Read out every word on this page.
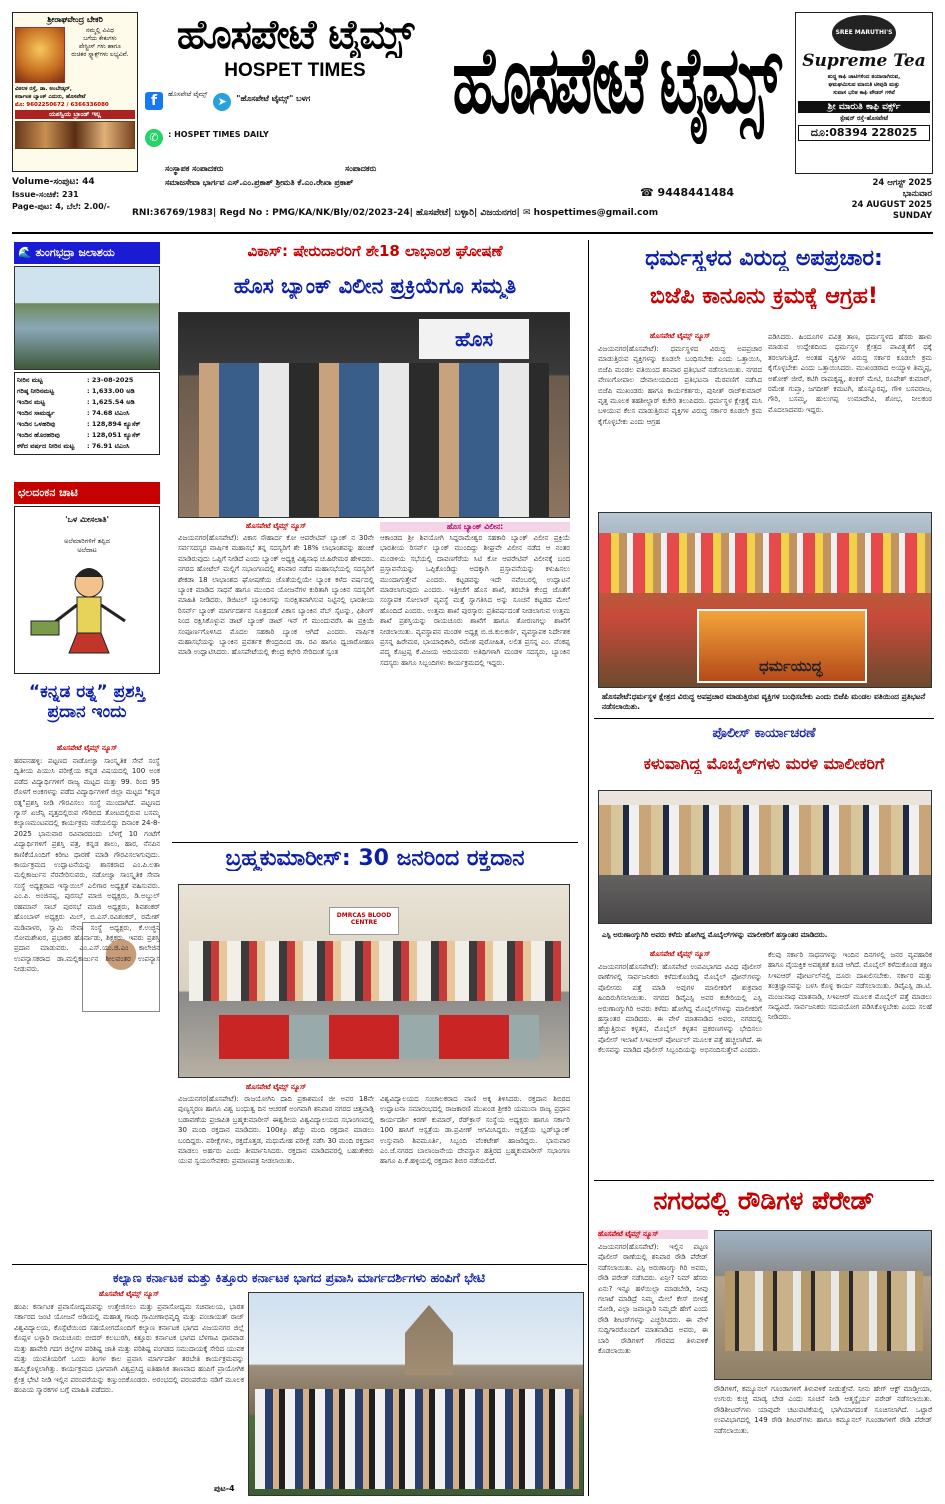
ಶ್ರೀರಾಘವೇಂದ್ರ ಬೇಕರಿ
ನಮ್ಮಲ್ಲಿ ವಿವಿಧ
ಬಗೆಯ ಕೇಕುಗಳು
ಪೇಸ್ಟ್ರೀಸ್ ಗಳು ಹಾಗೂ
ರುಚಿಕರ ಸ್ನ್ಯಾಕ್ಸ್‌ಗಳು ಲಭ್ಯವಿವೆ.
ವಿಠಲಕ ರಸ್ತೆ, ಡಾ. ಅಂಬೇಡ್ಕರ್,
ಕರ್ನಾಟಕ ಬ್ಯಾಂಕ್ ಎದುರು, ಹೊಸಪೇಟೆ
ಮೊ: 9602250672 / 6366336080
ಯಶಸ್ವಿಯ ಬ್ರಾಂಡ್ ಇಲ್ಲ
ಹೊಸಪೇಟೆ ಟೈಮ್ಸ್
HOSPET TIMES
f ಹೊಸಪೇಟೆ ಟೈಮ್ಸ್ ➤ $^{"ಹೊಸಪೇಟೆ ಟೈಮ್ಸ್" ಬಳಗ}$
✆ $^{: HOSPET TIMES DAILY}$
ಹೊಸಪೇಟೆ ಟೈಮ್ಸ್	SREE MARUTHI'S
Supreme Tea
ಶುದ್ಧ ಕಾಫಿ ಜಾಟಿಗಳಿಂದ ತಯಾರಾಗಿರುವ,
ಘಮಘಮಿಸುವ ಮಾರುತಿ ಟೀಪುಡಿ ಮತ್ತು
ಸುವಾಸ ಭರಿತ ಕಾಫಿ ಪೌಡರ್ ಗಳಿವೆ
ಶ್ರೀ ಮಾರುತಿ ಕಾಫಿ ವರ್ಕ್ಸ್
ಸ್ಟೇಷನ್ ರಸ್ತೆ-ಹೊಸಪೇಟೆ
ದೂ:08394 228025
ಸಂಸ್ಥಾಪಕ ಸಂಪಾದಕರು	ಸಂಪಾದಕರು
ಸಮಾಜಸೇವಾ ಭಾರ್ಗವ ಎಸ್.ಎಂ.ಪ್ರಕಾಶ್ ಶ್ರೀಮತಿ ಕೆ.ಎಂ.ರೇಖಾ ಪ್ರಕಾಶ್
Volume-ಸಂಪುಟ: 44
Issue-ಸಂಚಿಕೆ: 231
Page-ಪುಟ: 4, ಬೆಲೆ: 2.00/-
☎ 9448441484
24 ಆಗಸ್ಟ್ 2025
ಭಾನುವಾರ
24 AUGUST 2025
SUNDAY
RNI:36769/1983| Regd No : PMG/KA/NK/Bly/02/2023-24| ಹೊಸಪೇಟೆ| ಬಳ್ಳಾರಿ| ವಿಜಯನಗರ| ✉ hospettimes@gmail.com
🌊 ತುಂಗಭದ್ರಾ ಜಲಾಶಯ
ನೀರಿನ ಮಟ್ಟ	: 23-08-2025
ಗರಿಷ್ಠ ನೀರಿನಮಟ್ಟ	: 1,633.00 ಅಡಿ
ಇಂದಿನ ಮಟ್ಟ	: 1,625.54 ಅಡಿ
ಇಂದಿನ ಸಾಮರ್ಥ್ಯ	: 74.68 ಟಿಎಂಸಿ
ಇಂದಿನ ಒಳಹರಿವು	: 128,894 ಕ್ಯೂಸೆಕ್
ಇಂದಿನ ಹೊರಹರಿವು	: 128,051 ಕ್ಯೂಸೆಕ್
ಕಳೆದ ವರ್ಷದ ನೀರಿನ ಮಟ್ಟ	: 76.91 ಟಿಎಂಸಿ
ಛಲದಂಕನ ಚಾಟಿ
'ಒಳ ಮೀಸಲಾತಿ'
ಅಲೆಮಾರಿಗಳಿಗೆ ತಪ್ಪಿದ
ಅಲೆದಾಟ
“ಕನ್ನಡ ರತ್ನ” ಪ್ರಶಸ್ತಿ
ಪ್ರದಾನ ಇಂದು
ಹೊಸಪೇಟೆ ಟೈಮ್ಸ್ ನ್ಯೂಸ್
ಹರಪನಹಳ್ಳಿ: ಪಟ್ಟಣದ ನಾಡೋಜ್ವಾ ಸಾಂಸ್ಕೃತಿಕ ಸೇವೆ ಸಂಸ್ಥೆ ದ್ವಿತೀಯ ಪಿಯುಸಿ ಪರೀಕ್ಷೆಯ ಕನ್ನಡ ವಿಷಯದಲ್ಲಿ 100 ಅಂಕ ಪಡೆದ ವಿದ್ಯಾರ್ಥಿಗಳಿಗೆ ರಾಜ್ಯ ಮಟ್ಟದ ಮತ್ತು 99. ರಿಂದ 95 ರೊಳಗೆ ಅಂಕಗಳನ್ನು ಪಡೆದ ವಿದ್ಯಾರ್ಥಿಗಳಿಗೆ ಜಿಲ್ಲಾ ಮಟ್ಟದ "ಕನ್ನಡ ರತ್ನ"ಪ್ರಶಸ್ತಿ ನೀಡಿ ಗೌರವಿಸಲು ಸಂಸ್ಥೆ ಮುಂದಾಗಿದೆ. ಪಟ್ಟಣದ ಗ್ಯಾಸ್ ಏಜೆನ್ಸಿ ವೃತ್ತದಲ್ಲಿರುವ ಗೌರಿಬಿದ ತೋಟದಲ್ಲಿರುವ ಬಸಮ್ಮ ಕಲ್ಯಾಣಮಂಟಪದಲ್ಲಿ ಕಾರ್ಯಕ್ರಮ ನಡೆಯಲಿದ್ದು ದಿನಾಂಕ 24-8-2025 ಭಾನುವಾರ ರವಿವಾರದಂದು ಬೆಳಗ್ಗೆ 10 ಗಂಟೆಗೆ ವಿದ್ಯಾರ್ಥಿಗಳಿಗೆ ಪ್ರಶಸ್ತಿ ಪತ್ರ, ಕನ್ನಡ ಶಾಲು, ಹಾರ, ನೆನಪಿನ ಕಾಣಿಕೆಯೊಂದಿಗೆ ಕಿರೀಟ ಧಾರಣೆ ಮಾಡಿ ಗೌರವಿಸಲಾಗುವುದು. ಕಾರ್ಯಕ್ರಮದ ಉದ್ಘಾಟನೆಯನ್ನು ಶಾಸಕರಾದ ಎಂ.ಪಿ.ಲತಾ ಮಲ್ಲಿಕಾರ್ಜುನ ನೆರವೇರಿಸುವರು, ನಡೋಜ್ವಾ ಸಾಂಸ್ಕೃತಿಕ ಸೇವಾ ಸಂಸ್ಥೆ ಅಧ್ಯಕ್ಷರಾದ ಇಸ್ಮಾಯಿಲ್ ಎಲಿಗಾರ ಅಧ್ಯಕ್ಷತೆ ವಹಿಸುವರು. ಎಂ.ಪಿ. ಅಂಜಿನಪ್ಪ, ಪುರಸಭೆ ಮಾಜಿ ಅಧ್ಯಕ್ಷರು, ಡಿ.ಅಬ್ದುಲ್ ರಹಮಾನ್ ಸಾಬ್ ಪುರಸಭೆ ಮಾಜಿ ಅಧ್ಯಕ್ಷರು, ಶಿವಶಂಕರ್ ಹೊಂಬಾಳ್ ಅಧ್ಯಕ್ಷರು ಮಿಲ್, ಬಿ.ಎಸ್.ರವಿಶಂಕರ್, ರಮೇಶ್ ಮಡಿವಾಳರ, ಸ್ವಾಮಿ ಸೇವಾ ಸಂಸ್ಥೆ ಅಧ್ಯಕ್ಷರು, ಕೆ.ಉಜ್ಜಿನಿ ಸೋಮಶೇಖರ, ಪ್ರಭಾಕರ ಹೊರ್ನಾಡು, ಶಿಕ್ಷಕರು. ಇವರು ಪ್ರಶಸ್ತಿ ಪ್ರದಾನ ಮಾಡುವರು. ಎಂ.ಎಸ್.ಯು.ಜಿ.ಎಂ ಕಾಲೇಜಿನ ಉಪನ್ಯಾಸಕರಾದ ಡಾ.ಮಲ್ಲಿಕಾರ್ಜುನ ಶೀಲವಂತರ ಉಪನ್ಯಾಸ ನೀಡುವರು.
ವಿಕಾಸ್: ಷೇರುದಾರರಿಗೆ ಶೇ18 ಲಾಭಾಂಶ ಘೋಷಣೆ
ಹೊಸ ಬ್ಯಾಂಕ್ ವಿಲೀನ ಪ್ರಕ್ರಿಯೆಗೂ ಸಮ್ಮತಿ
ಹೊಸ
ಹೊಸಪೇಟೆ ಟೈಮ್ಸ್ ನ್ಯೂಸ್
ವಿಜಯನಗರ(ಹೊಸಪೇಟೆ): ವಿಕಾಸ ಸೌಹಾರ್ದ ಕೋ ಆಪರೇಟಿವ್ ಬ್ಯಾಂಕ್ ನ 30ನೇ ಸರ್ವಸದಸ್ಯರ ವಾರ್ಷಿಕ ಮಹಾಸಭೆ ತನ್ನ ಸದಸ್ಯರಿಗೆ ಶೇ 18% ಲಾಭಾಂಶವನ್ನು ಹಂಚಿಕೆ ಮಾಡಿರುವುದು ಒಪ್ಪಿಗೆ ನೀಡಿದೆ ಎಂದು ಬ್ಯಾಂಕ್ ಅಧ್ಯಕ್ಷ ವಿಶ್ವನಾಥ ಚ.ಹಿರೇಮಠ ಹೇಳಿದರು. ನಗರದ ಹೋಟೆಲ್ ಮಲ್ಲಿಗೆ ಸಭಾಂಗಣದಲ್ಲಿ ಶನಿವಾರ ನಡೆದ ಮಹಾಸಭೆಯಲ್ಲಿ ಸದಸ್ಯರಿಗೆ ಶೇಕಡಾ 18 ಲಾಭಾಂಶದ ಘೋಷಣೆಯ ಜೊತೆಯಲ್ಲಿಯೇ ಬ್ಯಾಂಕ ಕಳೆದ ವರ್ಷದಲ್ಲಿ ಬ್ಯಾಂಕ ಮಾಡಿದ ಸಾಧನೆ ಹಾಗೂ ಮುಂದಿನ ಯೋಜನೆಗಳ ಕುರಿತಾಗಿ ಬ್ಯಾಂಕಿನ ಸದಸ್ಯರಿಗೆ ಮಾಹಿತಿ ನೀಡಿದರು. ಡಿಜಿಟಲ್ ಬ್ಯಾಂಕಿಂಗನ್ನು ಸುರಕ್ಷಿತವಾಗಿಸುವ ನಿಟ್ಟಿನಲ್ಲಿ ಭಾರತೀಯ ರಿಸರ್ವ್ ಬ್ಯಾಂಕ್ ಮಾರ್ಗದರ್ಶನ ಸೂತ್ರದಂತೆ ವಿಕಾಸ ಬ್ಯಾಂಕಿನ ವೆಬ್ ಸೈಟನ್ನು, ಫಿಶಿಂಗ್ ನಿಂದ ರಕ್ಷಿಸಿಕೊಳ್ಳುವ ಡಾಟ್ ಬ್ಯಾಂಕ್ ಡಾಟ್ ಇನ್ ಗೆ ಮುಂದುವರೆಸಿ ಈ ಪ್ರಕ್ರಿಯೆ ಸಂಪೂರ್ಣಗೊಳಿಸಿದ ಮೊದಲ ಸಹಕಾರಿ ಬ್ಯಾಂಕ ಆಗಿದೆ ಎಂದರು. ವಾರ್ಷಿಕ ಮಹಾಸಭೆಯನ್ನು ಬ್ಯಾಂಕಿನ ಪ್ರವರ್ತಕ ಕೇಂದ್ರದಿಂದ ಡಾ. ರವಿ ಹಾಗೂ ಧ್ವಜಾರೋಹಣ ಮಾಡಿ ಉದ್ಘಾಟಿಸಿದರು. ಹೊಸಪೇಟೆಯಲ್ಲಿ ಕೇಂದ್ರ ಕಛೇರಿ ಸೇರಿದಂತೆ ಸ್ವಂತ
ಹೊಸ ಬ್ಯಾಂಕ್ ವಿಲೀನ:
ಆಕಾಂಡದ ಶ್ರೀ ಶಿವಯೋಗಿ ಸಿದ್ದರಾಮೇಶ್ವರ ಸಹಕಾರಿ ಬ್ಯಾಂಕ್ ವಿಲೀನ ಪ್ರಕ್ರಿಯೆ ಭಾರತೀಯ ರಿಸರ್ವ್ ಬ್ಯಾಂಕ್ ಮುಂದಿದ್ದು ಶೀಘ್ರವೇ ವಿಲೀನ ನಡೆದ ಆ ನಂತರ ಮಂಡಳಿಯ ಸಭೆಯಲ್ಲಿ ದಾವಣಗೆರೆಯ ಸಿಟಿ ಕೋ ಆಪರೇಟಿವ್ ವಿಲೀನಕ್ಕೆ ಬಂದ ಪ್ರಸ್ತಾವನೆಯನ್ನು ಒಪ್ಪಿಕೊಂಡಿದ್ದು ಅದಕ್ಕಾಗಿ ಪ್ರಸ್ತಾವನೆಯನ್ನು ಕಳುಹಿಸಲು ಮುಂದಾಗುತ್ತೇವೆ ಎಂದರು. ಕಟ್ಟಡವನ್ನು ಇದೇ ನವೆಂಬರಲ್ಲಿ ಉದ್ಘಾಟನೆ ಮಾಡಲಾಗುವುದು ಎಂದರು. ಇತ್ತೀಚೆಗೆ ಹೊಸ ಶಾಖೆ, ತರಬೇತಿ ಕೇಂದ್ರ ಜೊತೆಗೆ ಸಂಸ್ಥಾಪಕ ಸೋಲಾರ್ ವ್ಯವಸ್ಥೆ ಮತ್ತೆ ಸ್ವಾಗತಿಸಿದ ಅನ್ನು ಸೂಚನೆ ಕಟ್ಟಡದ ಮೇಲೆ ಹೊಂದಿದೆ ಎಂದರು. ಉತ್ತಮ ಶಾಖೆ ಪುರಸ್ಕಾರ: ಪ್ರತಿವರ್ಷದಂತೆ ನೀಡಲಾಗುವ ಉತ್ತಮ ಶಾಖೆ ಪ್ರಶಸ್ತಿಯನ್ನು ರಾಯಚೂರು ಶಾಖೆಗೆ ಹಾಗೂ ತೋರಣಗಲ್ಲು ಶಾಖೆಗೆ ನೀಡಲಾಯಿತು. ವ್ಯವಸ್ಥಾಪನ ಮಂಡಳಿ ಅಧ್ಯಕ್ಷ ಬಿ.ಜಿ.ಕುಲಕರ್ಣಿ, ವ್ಯವಸ್ಥಾಪಕ ನಿರ್ದೇಶಕ ಪ್ರಸನ್ನ ಹಿರೇಮಠ, ಭಾಯಾಧಿಕಾರಿ, ರಮೇಶ ಪುರೋಹಿತ, ಲಲಿತ ಪ್ರಸನ್ನ ಎಂ. ವೆಂಕಪ್ಪ ಪದ್ಮ ಕೊಟ್ರಪ್ಪ ಕೆ.ವಿಜಯ ಆದಿಯವರು ಅತಿಥಿಗಳಾಗಿ ಮಂಡಳಿ ಸದಸ್ಯರು, ಬ್ಯಾಂಕಿನ ಸದಸ್ಯರು ಹಾಗೂ ಸಿಬ್ಬಂದಿಗಳು ಕಾರ್ಯಕ್ರಮದಲ್ಲಿ ಇದ್ದರು.
ಬ್ರಹ್ಮಕುಮಾರೀಸ್: 30 ಜನರಿಂದ ರಕ್ತದಾನ
DMRCAS BLOOD CENTRE
ಹೊಸಪೇಟೆ ಟೈಮ್ಸ್ ನ್ಯೂಸ್
ವಿಜಯನಗರ(ಹೊಸಪೇಟೆ): ರಾಜಯೋಗಿನಿ ದಾದಿ ಪ್ರಕಾಶಮಣಿ ಜೀ ಅವರ 18ನೇ ಪುಣ್ಯಸ್ಮರಣ ಹಾಗೂ ವಿಶ್ವ ಬಂಧುತ್ವ ದಿನ ಆಚರಣೆ ಅಂಗವಾಗಿ ಶನಿವಾರ ನಗರದ ಚಿತ್ತವಾಡ್ಗಿ ಬಡಾವಣೆಯ ಪ್ರಜಾಪಿತ ಬ್ರಹ್ಮಕುಮಾರೀಸ್ ಈಶ್ವರೀಯ ವಿಶ್ವವಿದ್ಯಾಲಯದ ಸಭಾಂಗಣದಲ್ಲಿ 30 ಮಂದಿ ರಕ್ತದಾನ ಮಾಡಿದರು. 100ಕ್ಕೂ ಹೆಚ್ಚು ಮಂದಿ ರಕ್ತದಾನ ಮಾಡಲು ಬಂದಿದ್ದರು. ಪರೀಕ್ಷೆಗಳು, ರಕ್ತದೊತ್ತಡ, ಮಧುಮೇಹ ಪರೀಕ್ಷೆ ನಡೆಸಿ 30 ಮಂದಿ ರಕ್ತದಾನ ಮಾಡಲು ಅರ್ಹರು ಎಂದು ತೀರ್ಮಾನಿಸಿದರು. ರಕ್ತದಾನ ಮಾಡಿದವರಲ್ಲಿ ಬಹುತೇಕರು ಯುವ ಸ್ವಯಂಸೇವಕರು ಪ್ರಮಾಣಪತ್ರ ನೀಡಲಾಯಿತು.
ವಿಶ್ವವಿದ್ಯಾಲಯದ ಸಂಚಾಲಕರಾದ ವಾಣಿ ಅಕ್ಕ ತಿಳಿಸಿದರು. ರಕ್ತದಾನ ಶಿಬಿರದ ಉದ್ಘಾಟನಾ ಸಮಾರಂಭದಲ್ಲಿ ರಾಜಕಾರಣಿ ಮುಖಂಡ ಶ್ರೀಕರಿ ಯಮುನಾ ರಾಜ್ಯ ಪ್ರಧಾನ ಕಾರ್ಯದರ್ಶಿ ಕಿರಣ್ ಕುಮಾರ್, ರೆಡ್‌ಕ್ರಾಸ್ ಸಂಸ್ಥೆಯ ಅಧ್ಯಕ್ಷರು ಹಾಗೂ ಸರ್ಕಾರಿ 100 ಹಾಸಿಗೆ ಆಸ್ಪತ್ರೆಯ ಡಾ.ಪ್ರವೀಣ್ ಆಗಮಿಸಿದ್ದರು. ಆಸ್ಪತ್ರೆಯ ಬ್ಲಡ್‌ಬ್ಯಾಂಕ್ ಉಸ್ತುವಾರಿ ಶಿವಮೂರ್ತಿ, ಸಿಬ್ಬಂದಿ ವೆಂಕಟೇಶ್ ಹಾಜರಿದ್ದರು. ಭಾನುವಾರ ಎಂ.ಜೆ.ನಗರದ ಬಾಲಾಂಜನೇಯ ದೇವಸ್ಥಾನ ಹತ್ತಿರದ ಬ್ರಹ್ಮಕುಮಾರೀಸ್ ಸಭಾಂಗಣ ಹಾಗೂ ಪಿ.ಕೆ.ಹಳ್ಳಿಯಲ್ಲಿ ರಕ್ತದಾನ ಶಿಬಿರ ನಡೆಯಲಿದೆ.
ಕಲ್ಯಾಣ ಕರ್ನಾಟಕ ಮತ್ತು ಕಿತ್ತೂರು ಕರ್ನಾಟಕ ಭಾಗದ ಪ್ರವಾಸಿ ಮಾರ್ಗದರ್ಶಿಗಳು ಹಂಪಿಗೆ ಭೇಟಿ
ಹೊಸಪೇಟೆ ಟೈಮ್ಸ್ ನ್ಯೂಸ್
ಹಂಪಿ: ಕರ್ನಾಟಕ ಪ್ರವಾಸೋದ್ಯಮವನ್ನು ಉತ್ತೇಜಿಸಲು ಮತ್ತು ಪ್ರವಾಸೋದ್ಯಮ ಸಚಿವಾಲಯ, ಭಾರತ ಸರ್ಕಾರದ ಜಂಟಿ ಯೋಜನೆ ಅಡಿಯಲ್ಲಿ ಮಹಾತ್ಮ ಗಾಂಧಿ ಗ್ರಾಮೀಣಾಭಿವೃದ್ಧಿ ಮತ್ತು ಪಂಚಾಯತ್ ರಾಜ್ ವಿಶ್ವವಿದ್ಯಾಲಯ, ಕೊಸ್ಪೆಟೆಯಿಂದ ಸಹಯೋಗದೊಂದಿಗೆ ಕಲ್ಯಾಣ ಕರ್ನಾಟಕ ಭಾಗದ ವಿಜಯನಗರ ಜಿಲ್ಲೆ ಕೊಪ್ಪಳ ಬಳ್ಳಾರಿ ರಾಯಚೂರು ಬೀದರ್ ಕಲಬುರಗಿ, ಕಿತ್ತೂರು ಕರ್ನಾಟಕ ಭಾಗದ ಬೆಳಗಾವಿ ಧಾರವಾಡ ಮತ್ತು ಹಾವೇರಿ ಗದಗ ಜಿಲ್ಲೆಗಳ ಪರಿಶಿಷ್ಟ ಜಾತಿ ಮತ್ತು ಪರಿಶಿಷ್ಟ ಪಂಗಡದ ಸಮುದಾಯಕ್ಕೆ ಸೇರಿದ ಯುವಕ ಮತ್ತು ಯುವತಿಯರಿಗೆ ಒಂದು ತಿಂಗಳ ಕಾಲ ಪ್ರವಾಸಿ ಮಾರ್ಗದರ್ಶಿ ತರಬೇತಿ ಕಾರ್ಯಕ್ರಮವನ್ನು ಹಮ್ಮಿಕೊಳ್ಳಲಾಗಿತ್ತು. ಕಾರ್ಯಕ್ರಮದ ಭಾಗವಾಗಿ ವಿಶ್ವಪ್ರಸಿದ್ಧ ಐತಿಹಾಸಿಕ ತಾಣವಾದ ಹಂಪಿಗೆ ಪ್ರಾಯೋಗಿಕ ಕ್ಷೇತ್ರ ಭೇಟಿ ನೀಡಿ ಇಲ್ಲಿನ ಪರಂಪರೆಯನ್ನು ಕಣ್ತುಂಬಿಕೊಂಡರು. ಅರಂಭದಲ್ಲಿ ಪರಂಪರೆಯ ನಡಿಗೆ ಮೂಲಕ ಹಂಪಿಯ ಸ್ಮಾರಕಗಳ ಬಗ್ಗೆ ಮಾಹಿತಿ ಪಡೆದರು.
ಪುಟ-4
ಧರ್ಮಸ್ಥಳದ ವಿರುದ್ಧ ಅಪಪ್ರಚಾರ:
ಬಿಜೆಪಿ ಕಾನೂನು ಕ್ರಮಕ್ಕೆ ಆಗ್ರಹ!
ಹೊಸಪೇಟೆ ಟೈಮ್ಸ್ ನ್ಯೂಸ್
ವಿಜಯನಗರ(ಹೊಸಪೇಟೆ): ಧರ್ಮಸ್ಥಳದ ವಿರುದ್ಧ ಅಪಪ್ರಚಾರ ಮಾಡುತ್ತಿರುವ ವ್ಯಕ್ತಿಗಳನ್ನು ಕೂಡಲೇ ಬಂಧಿಸಬೇಕು ಎಂದು ಒತ್ತಾಯಿಸಿ, ಬಿಜೆಪಿ ಮಂಡಲ ವತಿಯಿಂದ ಶನಿವಾರ ಪ್ರತಿಭಟನೆ ನಡೆಸಲಾಯಿತು. ನಗರದ ವೇಣುಗೋಪಾಲ ದೇವಾಲಯದಿಂದ ಪ್ರತಿಭಟನಾ ಮೆರವಣಿಗೆ ನಡೆಸಿದ ಬಿಜೆಪಿ ಮುಖಂಡರು ಹಾಗೂ ಕಾರ್ಯಕರ್ತರು, ಪುನೀತ್ ರಾಜ್‌ಕುಮಾರ್ ವೃತ್ತ ಮೂಲಕ ತಹಶೀಲ್ದಾರ್ ಕಚೇರಿ ತಲುಪಿದರು. ಧರ್ಮಸ್ಥಳ ಕ್ಷೇತ್ರಕ್ಕೆ ಮಸಿ ಬಳಿಯುವ ಕೆಲಸ ಮಾಡುತ್ತಿರುವ ವ್ಯಕ್ತಿಗಳ ವಿರುದ್ಧ ಸರ್ಕಾರ ಕೂಡಲೇ ಕ್ರಮ ಕೈಗೊಳ್ಳಬೇಕು ಎಂದು ಆಗ್ರಹ
ಪಡಿಸಿದರು. ಹಿಂದೂಗಳ ಪವಿತ್ರ ತಾಣ, ಧರ್ಮಸ್ಥಳದ ಹೆಸರು ಹಾಳು ಮಾಡುವ ಉದ್ದೇಶದಿಂದ ಧರ್ಮಸ್ಥಳ ಕ್ಷೇತ್ರದ ಪಾವಿತ್ರ್ಯತೆಗೆ ಧಕ್ಕೆ ತರಲಾಗುತ್ತಿದೆ. ಅಂತಹ ವ್ಯಕ್ತಿಗಳ ವಿರುದ್ಧ ಸರ್ಕಾರ ಕೂಡಲೇ ಕ್ರಮ ಕೈಗೊಳ್ಳಬೇಕು ಎಂದು ಒತ್ತಾಯಿಸಿದರು. ಮುಖಂಡರಾದ ಅಯ್ಯಾಳಿ ತಿಮ್ಮಪ್ಪ, ಅಶೋಕ್ ಜೀರೆ, ಕಟಿಗಿ ರಾಮಕೃಷ್ಣ, ಶಂಕರ್ ಮೇಟಿ, ರೂಪೇಶ್ ಕುಮಾರ್, ರಮೇಶ ಗುಪ್ತಾ, ಜಗದೀಶ್ ಕಮಟಗಿ, ಹೊನ್ನೂರಪ್ಪ, ಗೌಳಿ ಬಸವರಾಜ, ಗೌರಿ, ಬಸಮ್ಮ, ಹುಲುಗಪ್ಪ ಉಮಾದೇವಿ, ಶೋಭ, ನೀಲಕಂಠ ಮೊದಲಾದವರು ಇದ್ದರು.
ಧರ್ಮಯುದ್ಧ
ಹೊಸಪೇಟೆ:ಧರ್ಮಸ್ಥಳ ಕ್ಷೇತ್ರದ ವಿರುದ್ಧ ಅಪಪ್ರಚಾರ ಮಾಡುತ್ತಿರುವ ವ್ಯಕ್ತಿಗಳ ಬಂಧಿಸಬೇಕು ಎಂದು ಬಿಜೆಪಿ ಮಂಡಲ ವತಿಯಿಂದ ಪ್ರತಿಭಟನೆ ನಡೆಸಲಾಯಿತು.
ಪೊಲೀಸ್ ಕಾರ್ಯಾಚರಣೆ
ಕಳುವಾಗಿದ್ದ ಮೊಬೈಲ್‌ಗಳು ಮರಳಿ ಮಾಲೀಕರಿಗೆ
ಎಸ್ಪಿ ಅರುಣಾಂಗ್ಶುಗಿರಿ ಅವರು ಕಳೆದು ಹೋಗಿದ್ದ ಮೊಬೈಲ್‌ಗಳನ್ನು ಮಾಲೀಕರಿಗೆ ಹಸ್ತಾಂತರ ಮಾಡಿದರು.
ಹೊಸಪೇಟೆ ಟೈಮ್ಸ್ ನ್ಯೂಸ್
ವಿಜಯನಗರ(ಹೊಸಪೇಟೆ): ಹೊಸಪೇಟೆ ಉಪವಿಭಾಗದ ವಿವಿಧ ಪೊಲೀಸ್ ಠಾಣೆಗಳಲ್ಲಿ ಸಾರ್ವಜನಿಕರು ಕಳೆದುಕೊಂಡಿದ್ದ ಮೊಬೈಲ್ ಫೋನ್‌ಗಳನ್ನು ಪೊಲೀಸರು ಪತ್ತೆ ಮಾಡಿ ಅವುಗಳ ಮಾಲೀಕರಿಗೆ ಶುಕ್ರವಾರ ಹಿಂದಿರುಗಿಸಲಾಯಿತು. ನಗರದ ಡಿವೈಎಸ್ಪಿ ಅವರ ಕಚೇರಿಯಲ್ಲಿ ಎಸ್ಪಿ ಅರುಣಾಂಗ್ಶುಗಿರಿ ಅವರು ಕಳೆದು ಹೋಗಿದ್ದ ಮೊಬೈಲ್‌ಗಳನ್ನು ಮಾಲೀಕರಿಗೆ ಹಸ್ತಾಂತರ ಮಾಡಿದರು. ಈ ವೇಳೆ ಮಾತನಾಡಿದ ಅವರು, ನಗರದಲ್ಲಿ ಹೆಚ್ಚುತ್ತಿರುವ ಕಳ್ಳತನ, ಮೊಬೈಲ್ ಕಳ್ಳತನ ಪ್ರಕರಣಗಳನ್ನು ಭೇದಿಸಲು ಪೊಲೀಸ್ ಇಲಾಖೆ ಸಿಇಐಆರ್ ಪೋರ್ಟಲ್ ಮೂಲಕ ಪತ್ತೆ ಹಚ್ಚಲಾಗಿದೆ. ಈ ಕೆಲಸವನ್ನು ಮಾಡಿದ ಪೊಲೀಸ್ ಸಿಬ್ಬಂದಿಯನ್ನು ಅಭಿನಂದಿಸುತ್ತೇವೆ ಎಂದರು.
ಕೆಲವು ಸರ್ಕಾರಿ ಸಾಧನಗಳನ್ನು ಇಂದಿನ ದಿನಗಳಲ್ಲಿ ಜನರ ವ್ಯವಹಾರಿಕ ಹಾಗೂ ವೈಯಕ್ತಿಕ ಅವಶ್ಯಕತೆ ಕೂಡ ಆಗಿದೆ. ಮೊಬೈಲ್ ಕಳೆದುಕೊಂಡ ತಕ್ಷಣ ಸಿಇಐಆರ್ ಪೋರ್ಟಲ್‌ನಲ್ಲಿ ದೂರು ದಾಖಲಿಸಬೇಕು. ಸರ್ಕಾರ ಮತ್ತು ತಂತ್ರಜ್ಞಾನವನ್ನು ಬಳಸಿ ಕೊಳ್ಳ ಕಾರ್ಯ ನಡೆಸಲಾಯಿತು. ಡಿವೈಎಸ್ಪಿ ಡಾ.ಟಿ. ಮಂಜುನಾಥ ಮಾತನಾಡಿ, ಸಿಇಐಆರ್ ಮೂಲಕ ಮೊಬೈಲ್ ಪತ್ತೆ ಮಾಡಲು ಸಾಧ್ಯವಿದೆ. ಸಾರ್ವಜನಿಕರು ಸದುಪಯೋಗ ಪಡಿಸಿಕೊಳ್ಳಬೇಕು ಎಂದು ಸಲಹೆ ನೀಡಿದರು.
ನಗರದಲ್ಲಿ ರೌಡಿಗಳ ಪೆರೇಡ್
ಹೊಸಪೇಟೆ ಟೈಮ್ಸ್ ನ್ಯೂಸ್
ವಿಜಯನಗರ(ಹೊಸಪೇಟೆ): ಇಲ್ಲಿನ ಪಟ್ಟಣ ಪೊಲೀಸ್ ಠಾಣೆಯಲ್ಲಿ ಶನಿವಾರ ರೌಡಿ ಪೆರೇಡ್ ನಡೆಸಲಾಯಿತು. ಎಸ್ಪಿ ಅರುಣಾಂಗ್ಶು ಗಿರಿ ಅವರು, ರೌಡಿ ಪರೇಡ್ ನಡೆಸಿದರು. ಏನ್ರೀ? ನಿಮ್ ಹೆಸರು ಏನು? ಇನ್ನೂ ಹಳೆಯಿಲ್ಲಾ ಮಾಡಬೇಡಿ, ನೀವು ಗಲಾಟೆ ಮಾಡಿದ್ರೆ ನಿಮ್ಮ ಮೇಲೆ ಕೇಸ್ ಬೀಳತ್ತೆ ನೋಡಿ, ಎಲ್ಲಾ ಜವಾಬ್ದಾರಿ ನಿಮ್ಮದೇ ಹೇಗೆ ಎಂದು ರೌಡಿ ಶೀಟರ್‌ಗಳನ್ನು ಎಚ್ಚರಿಸಿದರು. ಈ ವೇಳೆ ಸುದ್ದಿಗಾರರೊಂದಿಗೆ ಮಾತನಾಡಿದ ಅವರು, ಈ ಬಾರಿ ರೌಡಿಗಳಿಗೆ ಗೌರವದ ತಿಳುವಳಿಕೆ ಕೊಡಲಾಯಿತು
ರೌಡಿಗಳಿಗೆ, ಕಮ್ಯೂನಲ್ ಗೂಂಡಾಗಳಿಗೆ ತಿಳುವಳಿಕೆ ನೀಡುತ್ತೇವೆ. ನೀನು ಹೇಗ್ ಆಕ್ಟ್ ಮಾಡ್ತೀಯಾ, ಉಗುರು ಕುಚ್ಚ ಮಾಡ್ಯ ಬೇಡ ಎಂದು ಸೂಚನೆ ನೀಡಿ ಆತ್ಮಸ್ಥೈರ್ಯ ಪರೇಡ್ ನಡೆಸಲಾಯಿತು. ರೌಡಿಶೀಟರ್‌ಗಳು ಯಾವುದೇ ಚಟುವಟಿಕೆಯಲ್ಲಿ ಭಾಗಿಯಾಗದಂತೆ ಸೂಚಿಸಲಾಗಿದೆ. ಒಟ್ಟಾರೆ ಉಪವಿಭಾಗದಲ್ಲಿ 149 ರೌಡಿ ಶೀಟರ್‌ಗಳು ಹಾಗೂ ಕಮ್ಯೂನಲ್ ಗೂಂಡಾಗಳಿಗೆ ರೌಡಿ ಪೆರೇಡ್ ನಡೆಸಲಾಯಿತು.
